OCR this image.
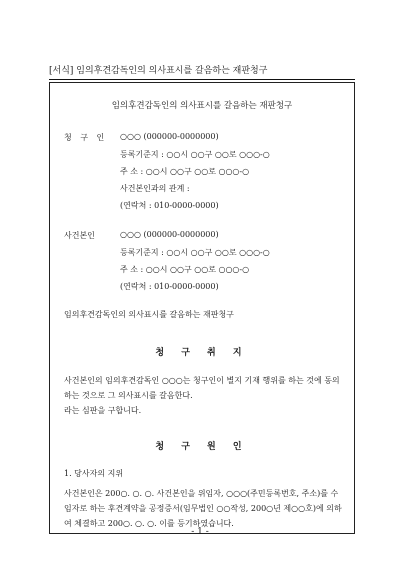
[서식] 임의후견감독인의 의사표시를 갈음하는 재판청구
임의후견감독인의 의사표시를 갈음하는 재판청구
청 구 인 ○○○ (000000-0000000)
등록기준지 : ○○시 ○○구 ○○로 ○○○-○
주 소 : ○○시 ○○구 ○○로 ○○○-○
사건본인과의 관계 :
(연락처 : 010-0000-0000)
사건본인	○○○ (000000-0000000)
등록기준지 : ○○시 ○○구 ○○로 ○○○-○
주 소 : ○○시 ○○구 ○○로 ○○○-○
(연락처 : 010-0000-0000)
임의후견감독인의 의사표시를 갈음하는 재판청구
청 구 취 지
사건본인의 임의후견감독인 ○○○는 청구인이 별지 기재 행위를 하는 것에 동의하는 것으로 그 의사표시를 갈음한다.
라는 심판을 구합니다.
청 구 원 인
1. 당사자의 지위
사건본인은 200○. ○. ○. 사건본인을 위임자, ○○○(주민등록번호, 주소)를 수임자로 하는 후견계약을 공정증서(임무법인 ○○작성, 200○년 제○○호)에 의하여 체결하고 200○. ○. ○. 이를 등기하였습니다.
- 1 -
